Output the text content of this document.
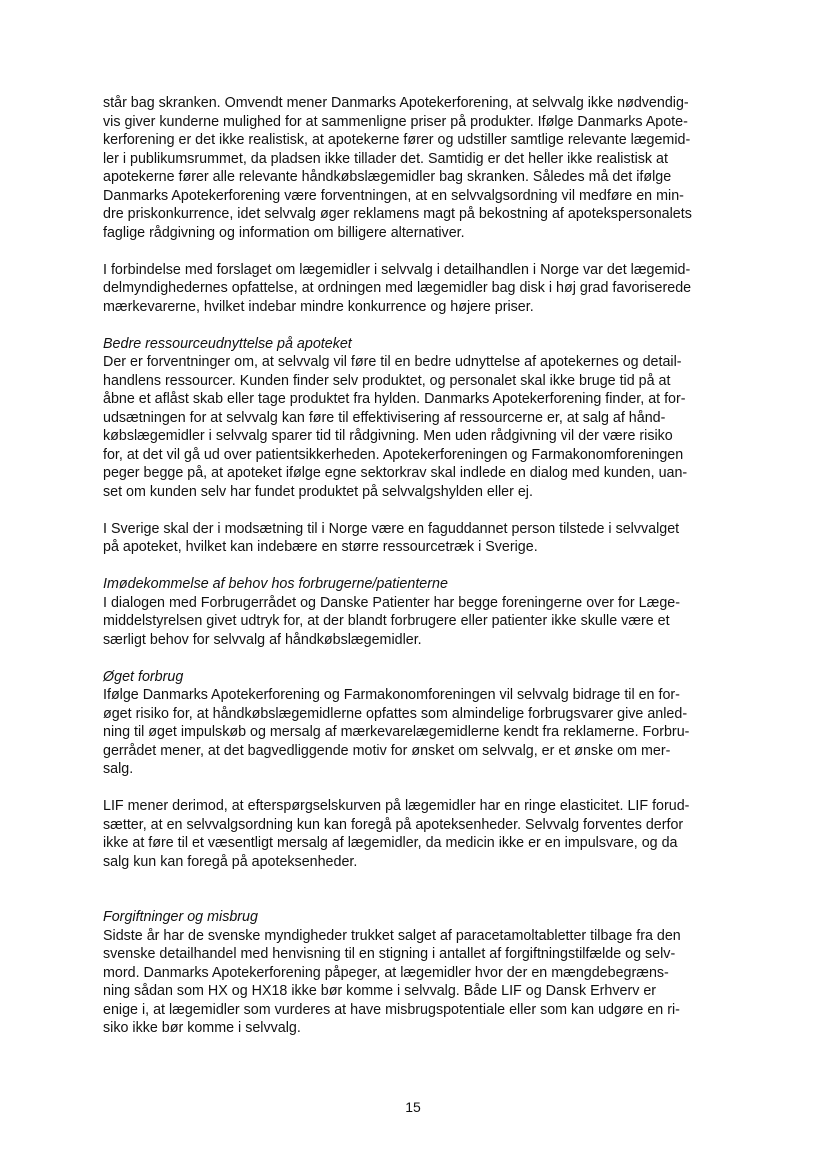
står bag skranken. Omvendt mener Danmarks Apotekerforening, at selvvalg ikke nødvendig-
vis giver kunderne mulighed for at sammenligne priser på produkter. Ifølge Danmarks Apote-
kerforening er det ikke realistisk, at apotekerne fører og udstiller samtlige relevante lægemid-
ler i publikumsrummet, da pladsen ikke tillader det. Samtidig er det heller ikke realistisk at
apotekerne fører alle relevante håndkøbslægemidler bag skranken. Således må det ifølge
Danmarks Apotekerforening være forventningen, at en selvvalgsordning vil medføre en min-
dre priskonkurrence, idet selvvalg øger reklamens magt på bekostning af apotekspersonalets
faglige rådgivning og information om billigere alternativer.
I forbindelse med forslaget om lægemidler i selvvalg i detailhandlen i Norge var det lægemid-
delmyndighedernes opfattelse, at ordningen med lægemidler bag disk i høj grad favoriserede
mærkevarerne, hvilket indebar mindre konkurrence og højere priser.
Bedre ressourceudnyttelse på apoteket
Der er forventninger om, at selvvalg vil føre til en bedre udnyttelse af apotekernes og detail-
handlens ressourcer. Kunden finder selv produktet, og personalet skal ikke bruge tid på at
åbne et aflåst skab eller tage produktet fra hylden. Danmarks Apotekerforening finder, at for-
udsætningen for at selvvalg kan føre til effektivisering af ressourcerne er, at salg af hånd-
købslægemidler i selvvalg sparer tid til rådgivning. Men uden rådgivning vil der være risiko
for, at det vil gå ud over patientsikkerheden. Apotekerforeningen og Farmakonomforeningen
peger begge på, at apoteket ifølge egne sektorkrav skal indlede en dialog med kunden, uan-
set om kunden selv har fundet produktet på selvvalgshylden eller ej.
I Sverige skal der i modsætning til i Norge være en faguddannet person tilstede i selvvalget
på apoteket, hvilket kan indebære en større ressourcetræk i Sverige.
Imødekommelse af behov hos forbrugerne/patienterne
I dialogen med Forbrugerrådet og Danske Patienter har begge foreningerne over for Læge-
middelstyrelsen givet udtryk for, at der blandt forbrugere eller patienter ikke skulle være et
særligt behov for selvvalg af håndkøbslægemidler.
Øget forbrug
Ifølge Danmarks Apotekerforening og Farmakonomforeningen vil selvvalg bidrage til en for-
øget risiko for, at håndkøbslægemidlerne opfattes som almindelige forbrugsvarer give anled-
ning til øget impulskøb og mersalg af mærkevarelægemidlerne kendt fra reklamerne. Forbru-
gerrådet mener, at det bagvedliggende motiv for ønsket om selvvalg, er et ønske om mer-
salg.
LIF mener derimod, at efterspørgselskurven på lægemidler har en ringe elasticitet. LIF forud-
sætter, at en selvvalgsordning kun kan foregå på apoteksenheder. Selvvalg forventes derfor
ikke at føre til et væsentligt mersalg af lægemidler, da medicin ikke er en impulsvare, og da
salg kun kan foregå på apoteksenheder.
Forgiftninger og misbrug
Sidste år har de svenske myndigheder trukket salget af paracetamoltabletter tilbage fra den
svenske detailhandel med henvisning til en stigning i antallet af forgiftningstilfælde og selv-
mord. Danmarks Apotekerforening påpeger, at lægemidler hvor der en mængdebegræns-
ning sådan som HX og HX18 ikke bør komme i selvvalg. Både LIF og Dansk Erhverv er
enige i, at lægemidler som vurderes at have misbrugspotentiale eller som kan udgøre en ri-
siko ikke bør komme i selvvalg.
15
